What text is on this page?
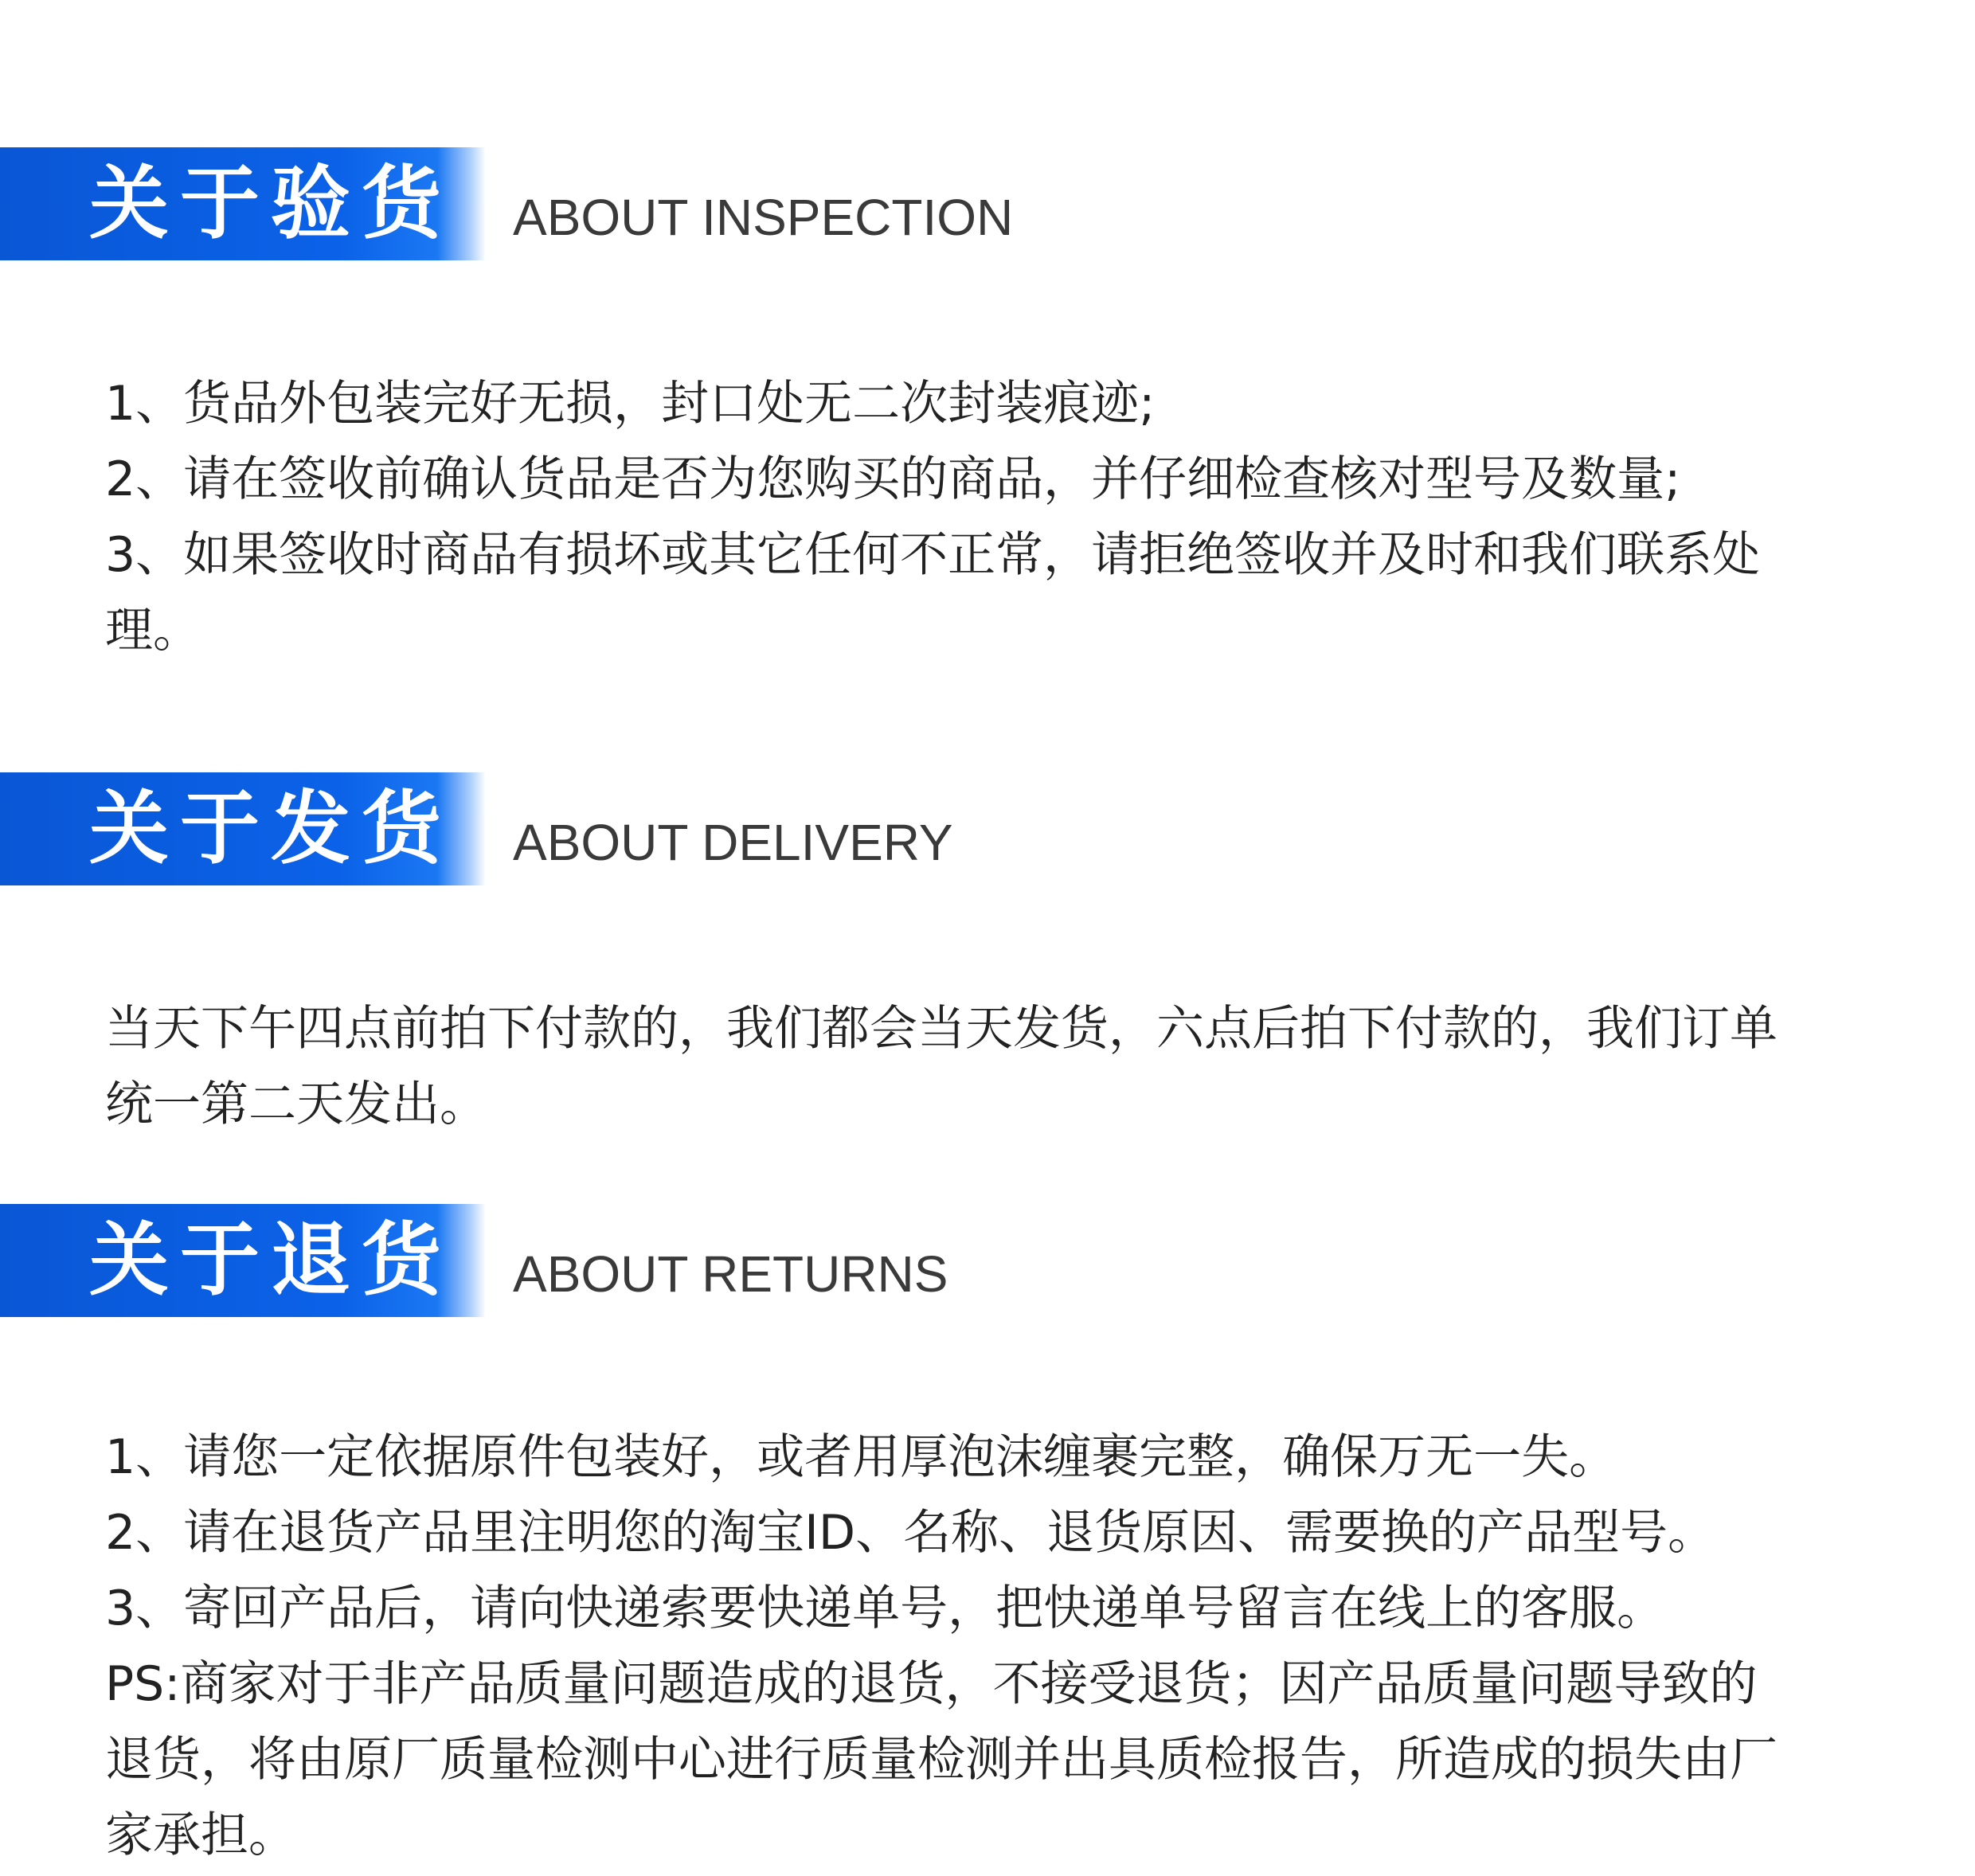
关于验货 ABOUT INSPECTION

1、货品外包装完好无损，封口处无二次封装痕迹;

2、请在签收前确认货品是否为您购买的商品，并仔细检查核对型号及数量;

3、如果签收时商品有损坏或其它任何不正常，请拒绝签收并及时和我们联系处理。

关于发货 ABOUT DELIVERY

当天下午四点前拍下付款的，我们都会当天发货，六点后拍下付款的，我们订单统一第二天发出。

关于退货 ABOUT RETURNS

1、请您一定依据原件包装好，或者用厚泡沫缠裹完整，确保万无一失。

2、请在退货产品里注明您的淘宝ID、名称、退货原因、需要换的产品型号。

3、寄回产品后，请向快递索要快递单号，把快递单号留言在线上的客服。

PS:商家对于非产品质量问题造成的退货，不接受退货；因产品质量问题导致的退货，将由原厂质量检测中心进行质量检测并出具质检报告，所造成的损失由厂家承担。
